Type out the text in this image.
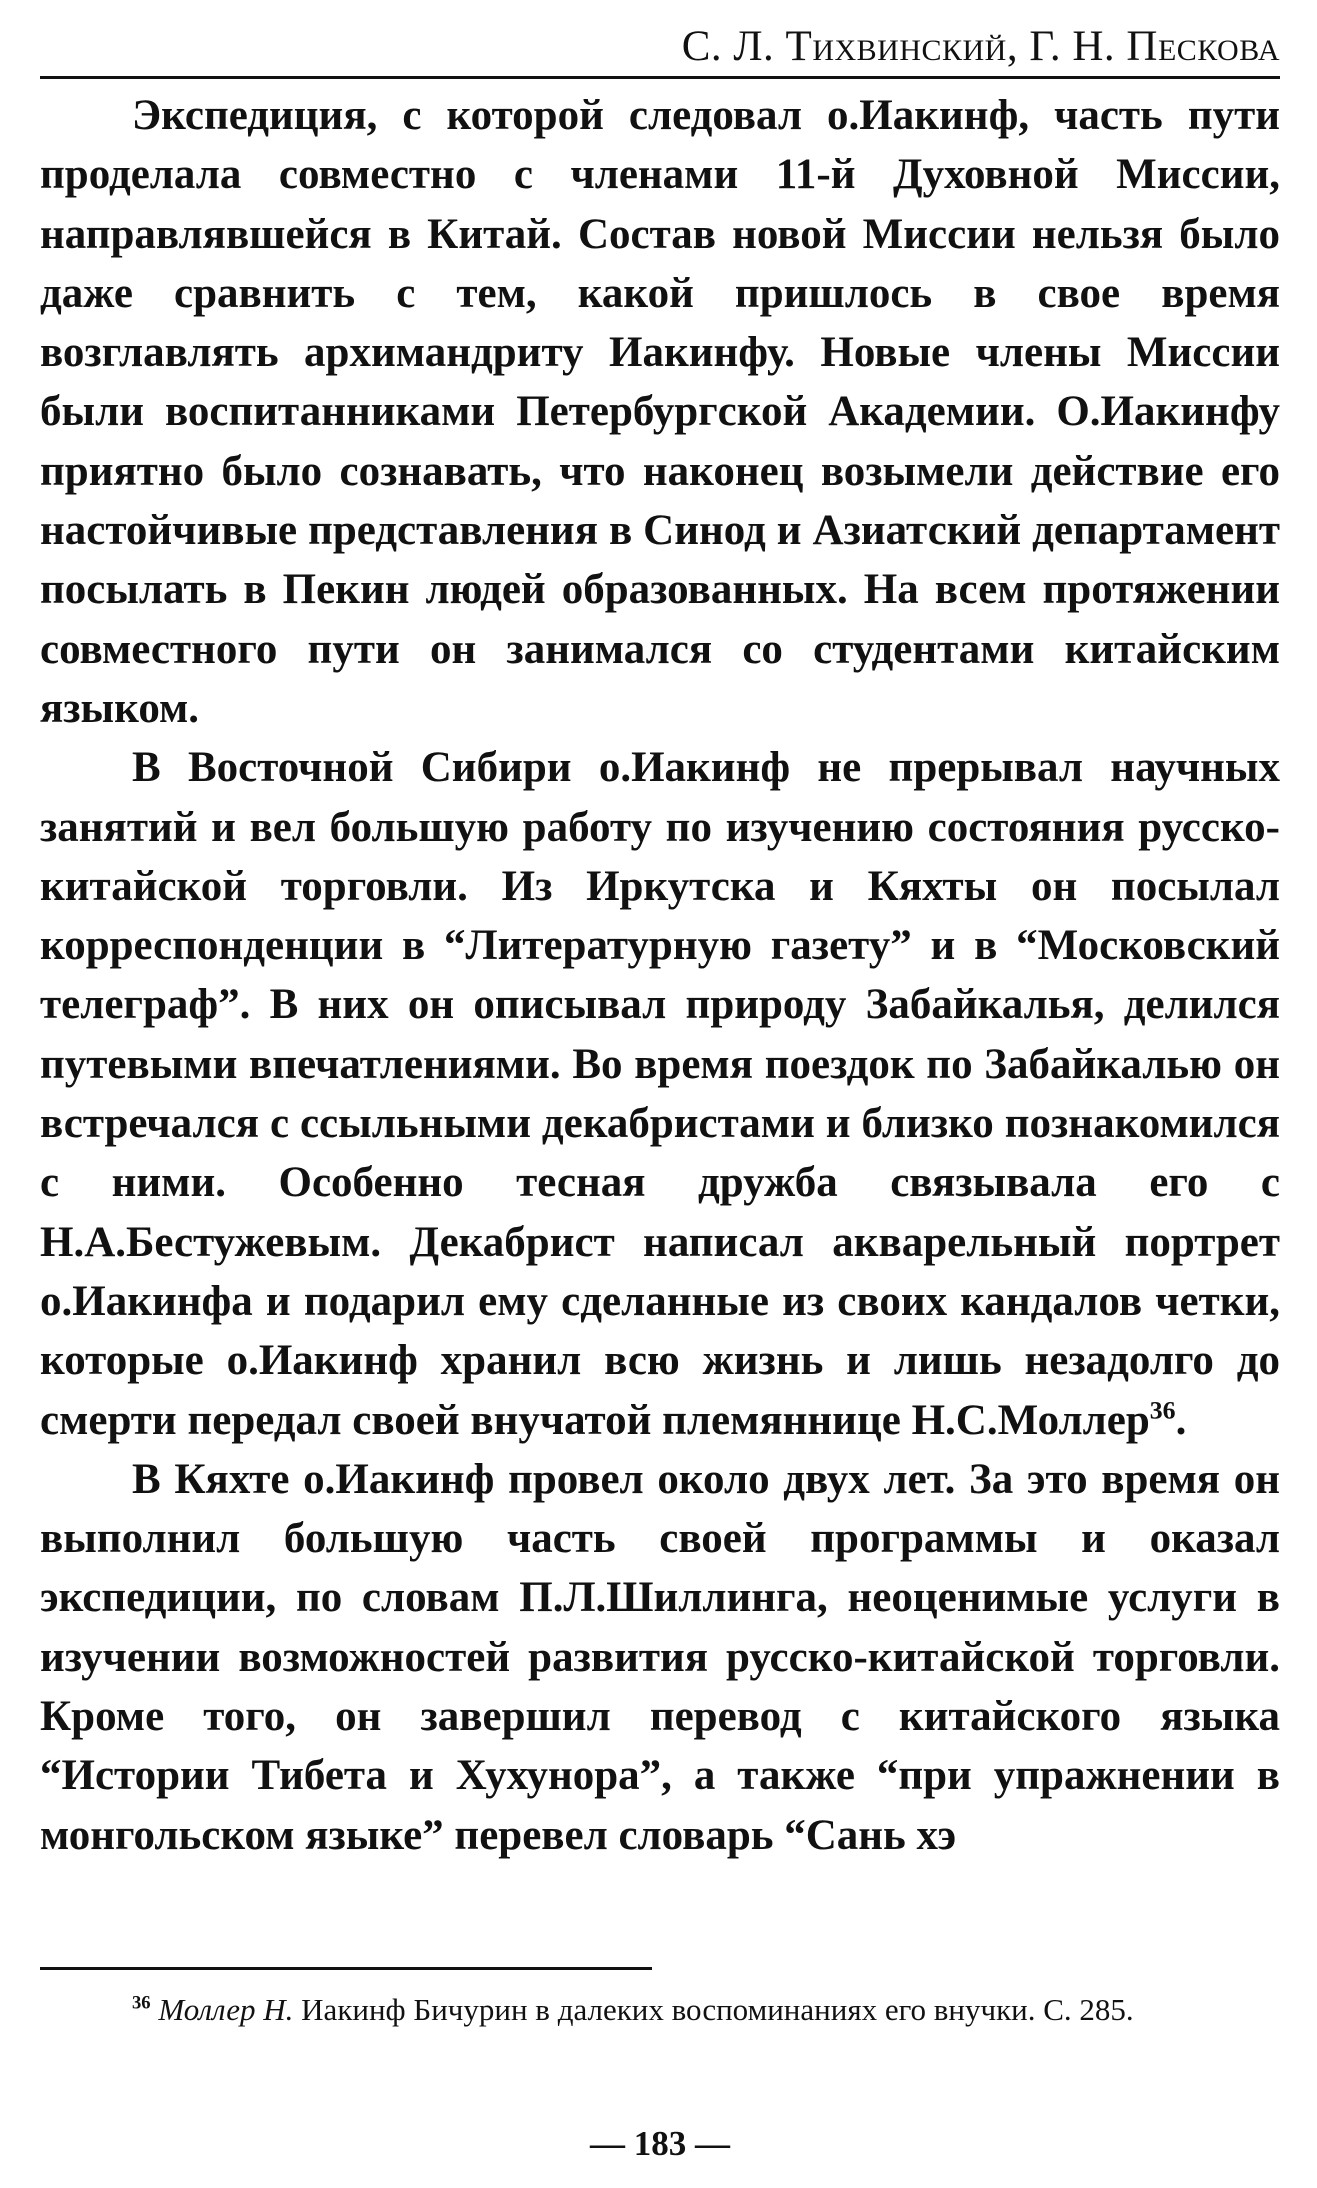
С. Л. Тихвинский, Г. Н. Пескова

Экспедиция, с которой следовал о.Иакинф, часть пути проделала совместно с членами 11-й Духовной Миссии, направлявшейся в Китай. Состав новой Миссии нельзя было даже сравнить с тем, какой пришлось в свое время возглавлять архимандриту Иакинфу. Новые члены Миссии были воспитанниками Петербургской Академии. О.Иакинфу приятно было сознавать, что наконец возымели действие его настойчивые представления в Синод и Азиатский департамент посылать в Пекин людей образованных. На всем протяжении совместного пути он занимался со студентами китайским языком.

В Восточной Сибири о.Иакинф не прерывал научных занятий и вел большую работу по изучению состояния русско-китайской торговли. Из Иркутска и Кяхты он посылал корреспонденции в “Литературную газету” и в “Московский телеграф”. В них он описывал природу Забайкалья, делился путевыми впечатлениями. Во время поездок по Забайкалью он встречался с ссыльными декабристами и близко познакомился с ними. Особенно тесная дружба связывала его с Н.А.Бестужевым. Декабрист написал акварельный портрет о.Иакинфа и подарил ему сделанные из своих кандалов четки, которые о.Иакинф хранил всю жизнь и лишь незадолго до смерти передал своей внучатой племяннице Н.С.Моллер$^{36}$.

В Кяхте о.Иакинф провел около двух лет. За это время он выполнил большую часть своей программы и оказал экспедиции, по словам П.Л.Шиллинга, неоценимые услуги в изучении возможностей развития русско-китайской торговли. Кроме того, он завершил перевод с китайского языка “Истории Тибета и Хухунора”, а также “при упражнении в монгольском языке” перевел словарь “Сань хэ

$^{36}$ Моллер Н. Иакинф Бичурин в далеких воспоминаниях его внучки. С. 285.
— 183 —
